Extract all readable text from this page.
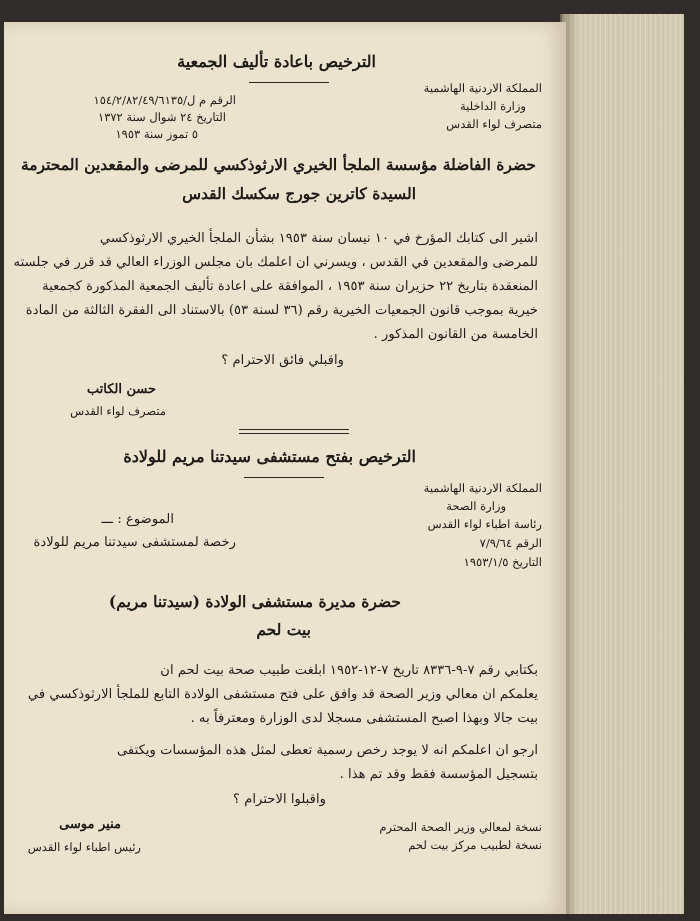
الترخيص باعادة تأليف الجمعية
المملكة الاردنية الهاشمية
وزارة الداخلية
متصرف لواء القدس
الرقم م ل/١٥٤/٢/٨٢/٤٩/٦١٣٥
التاريخ ٢٤ شوال سنة ١٣٧٢
٥ تموز سنة ١٩٥٣
حضرة الفاضلة مؤسسة الملجأ الخيري الارثوذكسي للمرضى والمقعدين المحترمة
السيدة كاترين جورج سكسك القدس
اشير الى كتابك المؤرخ في ١٠ نيسان سنة ١٩٥٣ بشأن الملجأ الخيري الارثوذكسي
للمرضى والمقعدين في القدس ، ويسرني ان اعلمك بان مجلس الوزراء العالي قد قرر في جلسته
المنعقدة بتاريخ ٢٢ حزيران سنة ١٩٥٣ ، الموافقة على اعادة تأليف الجمعية المذكورة كجمعية
خيرية بموجب قانون الجمعيات الخيرية رقم (٣٦ لسنة ٥٣) بالاستناد الى الفقرة الثالثة من المادة
الخامسة من القانون المذكور .
واقبلي فائق الاحترام ؟
حسن الكاتب
متصرف لواء القدس
الترخيص بفتح مستشفى سيدتنا مريم للولادة
المملكة الاردنية الهاشمية
وزارة الصحة
رئاسة اطباء لواء القدس
الرقم ٧/٩/٦٤
التاريخ ١٩٥٣/١/٥
الموضوع : ـــ
رخصة لمستشفى سيدتنا مريم للولادة
حضرة مديرة مستشفى الولادة (سيدتنا مريم)
بيت لحم
بكتابي رقم ٧-٩-٨٣٣٦ تاريخ ٧-١٢-١٩٥٢ ابلغت طبيب صحة بيت لحم ان
يعلمكم ان معالي وزير الصحة قد وافق على فتح مستشفى الولادة التابع للملجأ الارثوذكسي في
بيت جالا وبهذا اصبح المستشفى مسجلا لدى الوزارة ومعترفاً به .
ارجو ان اعلمكم انه لا يوجد رخص رسمية تعطى لمثل هذه المؤسسات ويكتفى
بتسجيل المؤسسة فقط وقد تم هذا .
واقبلوا الاحترام ؟
نسخة لمعالي وزير الصحة المحترم
نسخة لطبيب مركز بيت لحم
منير موسى
رئيس اطباء لواء القدس
